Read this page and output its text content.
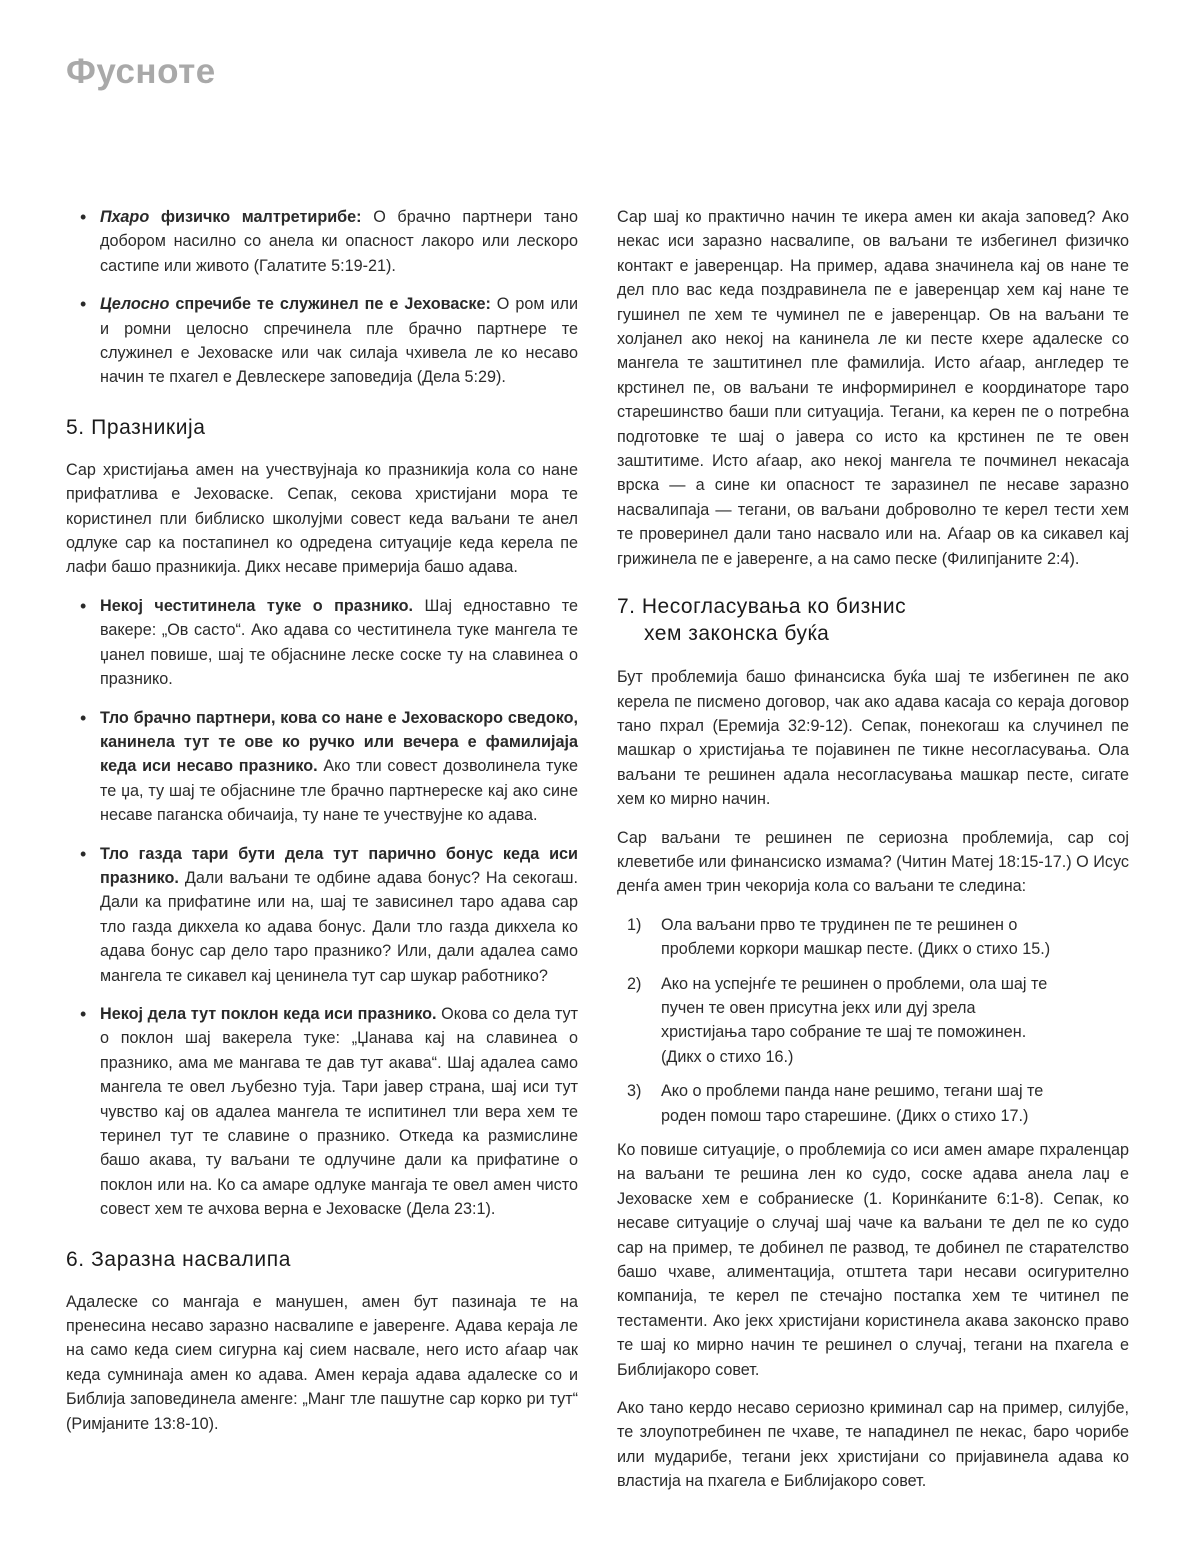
Фусноте
• Пхаро физичко малтретирибе: О брачно партнери тано добором насилно со анела ки опасност лакоро или лескоро састипе или живото (Галатите 5:19-21).
• Целосно спречибе те служинел пе е Јеховаске: О ром или и ромни целосно спречинела пле брачно партнере те служинел е Јеховаске или чак силаја чхивела ле ко несаво начин те пхагел е Девлескере заповедија (Дела 5:29).
5. Празникија

Сар христијања амен на учествујнаја ко празникија кола со нане прифатлива е Јеховаске. Сепак, секова христијани мора те користинел пли библиско школујми совест кеда ваљани те анел одлуке сар ка постапинел ко одредена ситуације кеда керела пе лафи башо празникија. Дикх несаве примерија башо адава.

• Некој честитинела туке о празнико. Шај едноставно те вакере: „Ов састо“. Ако адава со честитинела туке мангела те џанел повише, шај те објаснине леске соске ту на славинеа о празнико.
• Тло брачно партнери, кова со нане е Јеховаскоро сведоко, канинела тут те ове ко ручко или вечера е фамилијаја кеда иси несаво празнико. Ако тли совест дозволинела туке те џа, ту шај те објаснине тле брачно партнереске кај ако сине несаве паганска обичаија, ту нане те учествујне ко адава.
• Тло газда тари бути дела тут парично бонус кеда иси празнико. Дали ваљани те одбине адава бонус? На секогаш. Дали ка прифатине или на, шај те зависинел таро адава сар тло газда дикхела ко адава бонус. Дали тло газда дикхела ко адава бонус сар дело таро празнико? Или, дали адалеа само мангела те сикавел кај ценинела тут сар шукар работнико?
• Некој дела тут поклон кеда иси празнико. Окова со дела тут о поклон шај вакерела туке: „Џанава кај на славинеа о празнико, ама ме мангава те дав тут акава“. Шај адалеа само мангела те овел љубезно туја. Тари јавер страна, шај иси тут чувство кај ов адалеа мангела те испитинел тли вера хем те теринел тут те славине о празнико. Откеда ка размислине башо акава, ту ваљани те одлучине дали ка прифатине о поклон или на. Ко са амаре одлуке мангаја те овел амен чисто совест хем те ачхова верна е Јеховаске (Дела 23:1).
6. Заразна насвалипа

Адалеске со мангаја е манушен, амен бут пазинаја те на пренесина несаво заразно насвалипе е јаверенге. Адава керајa ле на само кеда сием сигурна кај сием насвале, него исто аѓаар чак кеда сумнинаја амен ко адава. Амен керaја адава адалеске со и Библија заповединела аменге: „Манг тле пашутне сар корко ри тут“ (Римјаните 13:8-10).

Сар шај ко практично начин те икера амен ки акаја заповед? Ако некас иси заразно насвалипе, ов ваљани те избегинел физичко контакт е јаверенцар. На пример, адава значинела кај ов нане те дел пло вас кеда поздравинела пе е јаверенцар хем кај нане те гушинел пе хем те чуминел пе е јаверенцар. Ов на ваљани те холјанел ако некој на канинела ле ки песте кхере адалеске со мангела те заштитинел пле фамилија. Исто аѓаар, англедер те крстинел пе, ов ваљани те информиринел е координаторе таро старешинство баши пли ситуација. Тегани, ка керен пе о потребна подготовке те шај о јавера со исто ка крстинен пе те овен заштитиме. Исто аѓаар, ако некој мангела те почминел некасаја врска — а сине ки опасност те заразинел пе несаве заразно насвалипаја — тегани, ов ваљани доброволно те керел тести хем те проверинел дали тано насвало или на. Аѓаар ов ка сикавел кај грижинела пе е јаверенге, а на само песке (Филипјаните 2:4).

7. Несогласувања ко бизнис
хем законска буќа

Бут проблемија башо финансиска буќа шај те избегинен пе ако керела пе писмено договор, чак ако адава касаја со кераја договор тано пхрал (Еремија 32:9-12). Сепак, понекогаш ка случинел пе машкар о христијања те појавинен пе тикне несогласувања. Ола ваљани те решинен адала несогласувања машкар песте, сигате хем ко мирно начин.

Сар ваљани те решинен пе сериозна проблемија, сар сој клеветибе или финансиско измама? (Читин Матеј 18:15-17.) О Исус денѓа амен трин чекорија кола со ваљани те следина:

1) Ола ваљани прво те трудинен пе те решинен о проблеми коркори машкар песте. (Дикх о стихо 15.)
2) Ако на успејнѓе те решинен о проблеми, ола шај те пучен те овен присутна јекх или дуј зрела христијања таро собрание те шај те поможинен. (Дикх о стихо 16.)
3) Ако о проблеми панда нане решимо, тегани шај те роден помош таро старешине. (Дикх о стихо 17.)

Ко повише ситуације, о проблемија со иси амен амаре пхраленцар на ваљани те решина лен ко судо, соске адава анела лаџ е Јеховаске хем е собраниеске (1. Коринќаните 6:1-8). Сепак, ко несаве ситуације о случај шај чаче ка ваљани те дел пе ко судо сар на пример, те добинел пе развод, те добинел пе старателство башо чхаве, алиментација, отштета тари несави осигурително компанија, те керел пе стечајно постапка хем те читинел пе тестаменти. Ако јекх христијани користинела акава законско право те шај ко мирно начин те решинел о случај, тегани на пхагела е Библијакоро совет.

Ако тано кердо несаво сериозно криминал сар на пример, силујбе, те злоупотребинен пе чхаве, те нападинел пе некас, баро чорибе или мударибе, тегани јекх христијани со пријавинела адава ко властија на пхагела е Библијакоро совет.
